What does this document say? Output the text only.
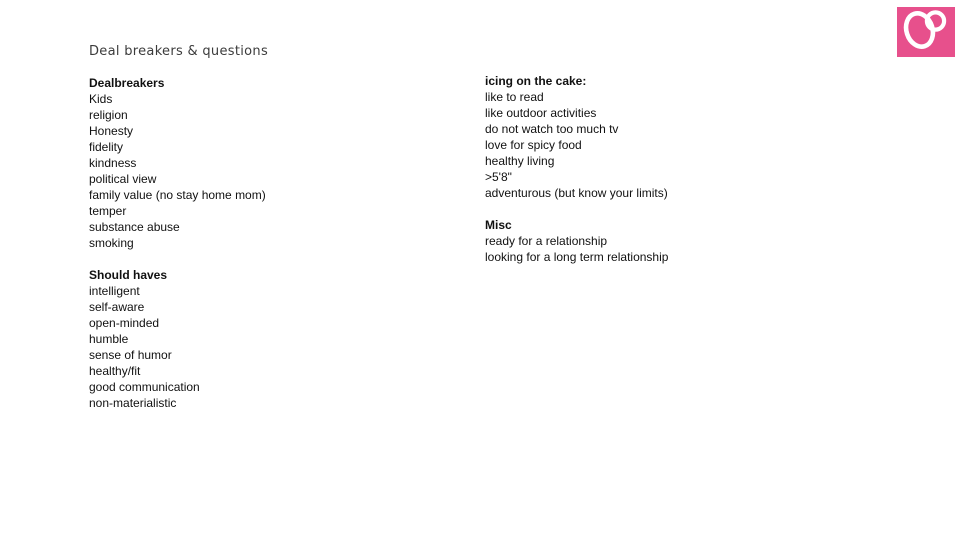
Deal breakers & questions
Dealbreakers
Kids
religion
Honesty
fidelity
kindness
political view
family value (no stay home mom)
temper
substance abuse
smoking
Should haves
intelligent
self-aware
open-minded
humble
sense of humor
healthy/fit
good communication
non-materialistic
icing on the cake:
like to read
like outdoor activities
do not watch too much tv
love for spicy food
healthy living
>5'8"
adventurous (but know your limits)
Misc
ready for a relationship
looking for a long term relationship
